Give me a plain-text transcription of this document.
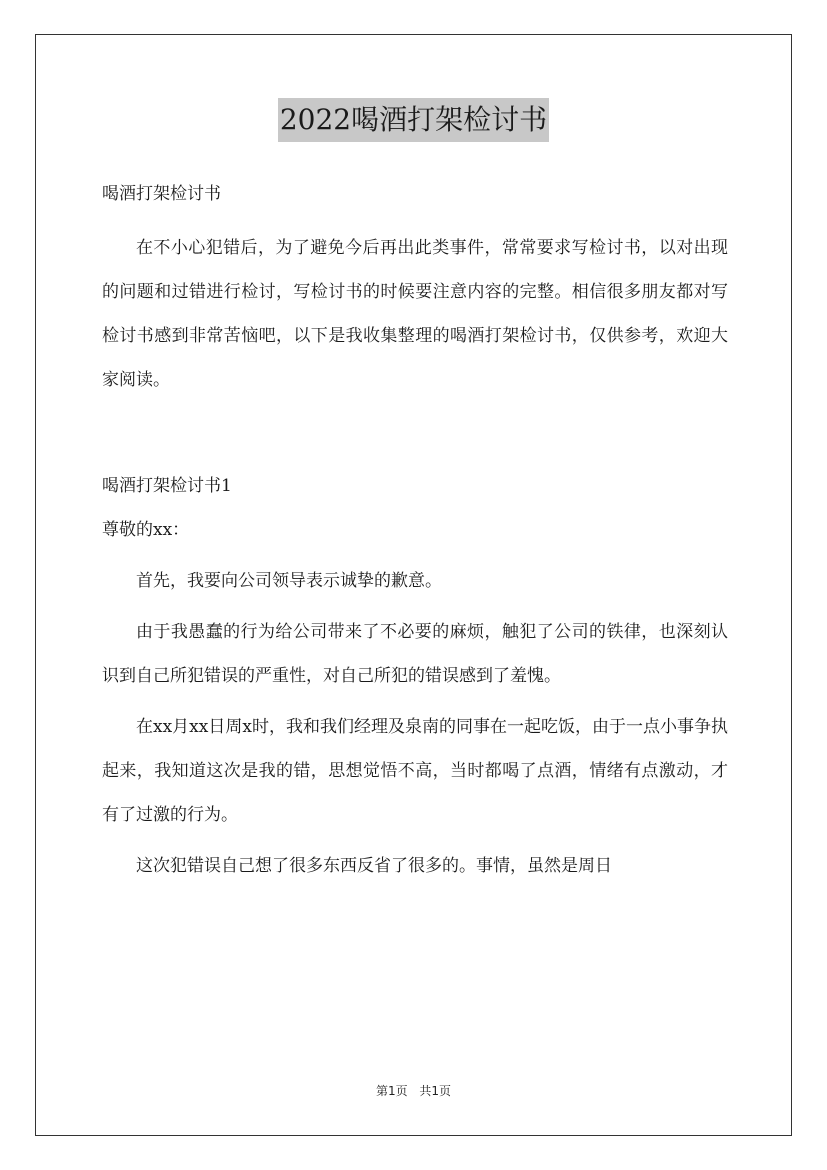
2022喝酒打架检讨书

喝酒打架检讨书

在不小心犯错后，为了避免今后再出此类事件，常常要求写检讨书，以对出现的问题和过错进行检讨，写检讨书的时候要注意内容的完整。相信很多朋友都对写检讨书感到非常苦恼吧，以下是我收集整理的喝酒打架检讨书，仅供参考，欢迎大家阅读。

喝酒打架检讨书1

尊敬的xx：

首先，我要向公司领导表示诚挚的歉意。

由于我愚蠢的行为给公司带来了不必要的麻烦，触犯了公司的铁律，也深刻认识到自己所犯错误的严重性，对自己所犯的错误感到了羞愧。

在xx月xx日周x时，我和我们经理及泉南的同事在一起吃饭，由于一点小事争执起来，我知道这次是我的错，思想觉悟不高，当时都喝了点酒，情绪有点激动，才有了过激的行为。

这次犯错误自己想了很多东西反省了很多的。事情，虽然是周日

第1页 共1页
